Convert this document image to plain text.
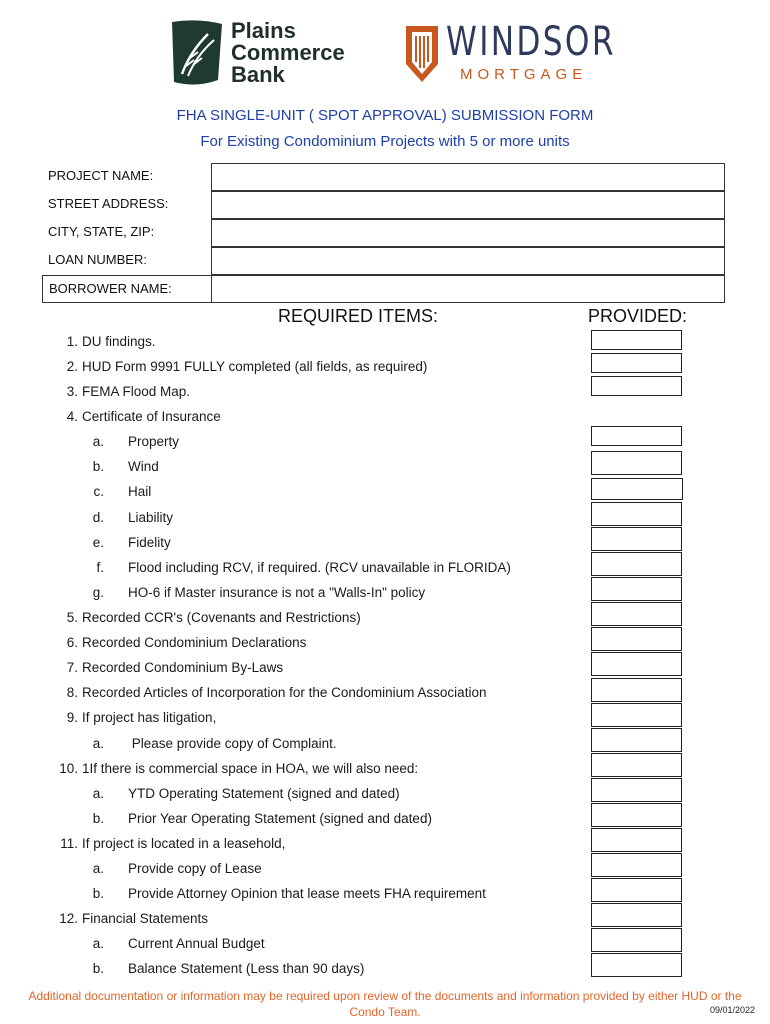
Plains
Commerce
Bank
WINDSOR
MORTGAGE
FHA SINGLE-UNIT ( SPOT APPROVAL) SUBMISSION FORM
For Existing Condominium Projects with 5 or more units
PROJECT NAME:
STREET ADDRESS:
CITY, STATE, ZIP:
LOAN NUMBER:
BORROWER NAME:
REQUIRED ITEMS:	PROVIDED:
1. DU findings.
2. HUD Form 9991 FULLY completed (all fields, as required)
3. FEMA Flood Map.
4. Certificate of Insurance
a. Property
b. Wind
c. Hail
d. Liability
e. Fidelity
f. Flood including RCV, if required. (RCV unavailable in FLORIDA)
g. HO-6 if Master insurance is not a "Walls-In" policy
5. Recorded CCR's (Covenants and Restrictions)
6. Recorded Condominium Declarations
7. Recorded Condominium By-Laws
8. Recorded Articles of Incorporation for the Condominium Association
9. If project has litigation,
a. Please provide copy of Complaint.
10. 1If there is commercial space in HOA, we will also need:
a. YTD Operating Statement (signed and dated)
b. Prior Year Operating Statement (signed and dated)
11. If project is located in a leasehold,
a. Provide copy of Lease
b. Provide Attorney Opinion that lease meets FHA requirement
12. Financial Statements
a. Current Annual Budget
b. Balance Statement (Less than 90 days)
Additional documentation or information may be required upon review of the documents and information provided by either HUD or the Condo Team.	09/01/2022
